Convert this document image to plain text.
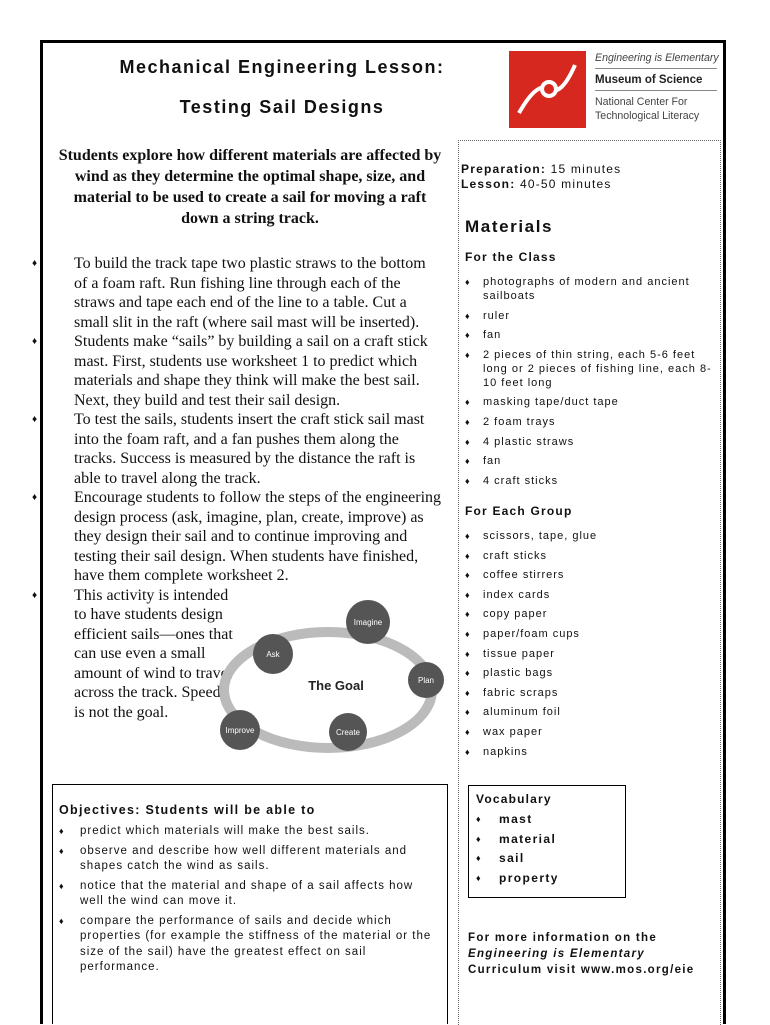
Mechanical Engineering Lesson:
Testing Sail Designs
Engineering is Elementary
Museum of Science
National Center For
Technological Literacy
Students explore how different materials are affected by wind as they determine the optimal shape, size, and material to be used to create a sail for moving a raft down a string track.
♦ To build the track tape two plastic straws to the bottom of a foam raft. Run fishing line through each of the straws and tape each end of the line to a table. Cut a small slit in the raft (where sail mast will be inserted).
♦ Students make “sails” by building a sail on a craft stick mast. First, students use worksheet 1 to predict which materials and shape they think will make the best sail. Next, they build and test their sail design.
♦ To test the sails, students insert the craft stick sail mast into the foam raft, and a fan pushes them along the tracks. Success is measured by the distance the raft is able to travel along the track.
♦ Encourage students to follow the steps of the engineering design process (ask, imagine, plan, create, improve) as they design their sail and to continue improving and testing their sail design. When students have finished, have them complete worksheet 2.
♦ This activity is intended to have students design efficient sails—ones that can use even a small amount of wind to travel across the track. Speed is not the goal.
The Goal
Imagine
Ask
Plan
Create
Improve
Preparation: 15 minutes
Lesson: 40-50 minutes
Materials
For the Class
♦ photographs of modern and ancient sailboats
♦ ruler
♦ fan
♦ 2 pieces of thin string, each 5-6 feet long or 2 pieces of fishing line, each 8-10 feet long
♦ masking tape/duct tape
♦ 2 foam trays
♦ 4 plastic straws
♦ fan
♦ 4 craft sticks
For Each Group
♦ scissors, tape, glue
♦ craft sticks
♦ coffee stirrers
♦ index cards
♦ copy paper
♦ paper/foam cups
♦ tissue paper
♦ plastic bags
♦ fabric scraps
♦ aluminum foil
♦ wax paper
♦ napkins
Objectives: Students will be able to
♦ predict which materials will make the best sails.
♦ observe and describe how well different materials and shapes catch the wind as sails.
♦ notice that the material and shape of a sail affects how well the wind can move it.
♦ compare the performance of sails and decide which properties (for example the stiffness of the material or the size of the sail) have the greatest effect on sail performance.
Vocabulary
♦ mast
♦ material
♦ sail
♦ property
For more information on the
Engineering is Elementary
Curriculum visit www.mos.org/eie
